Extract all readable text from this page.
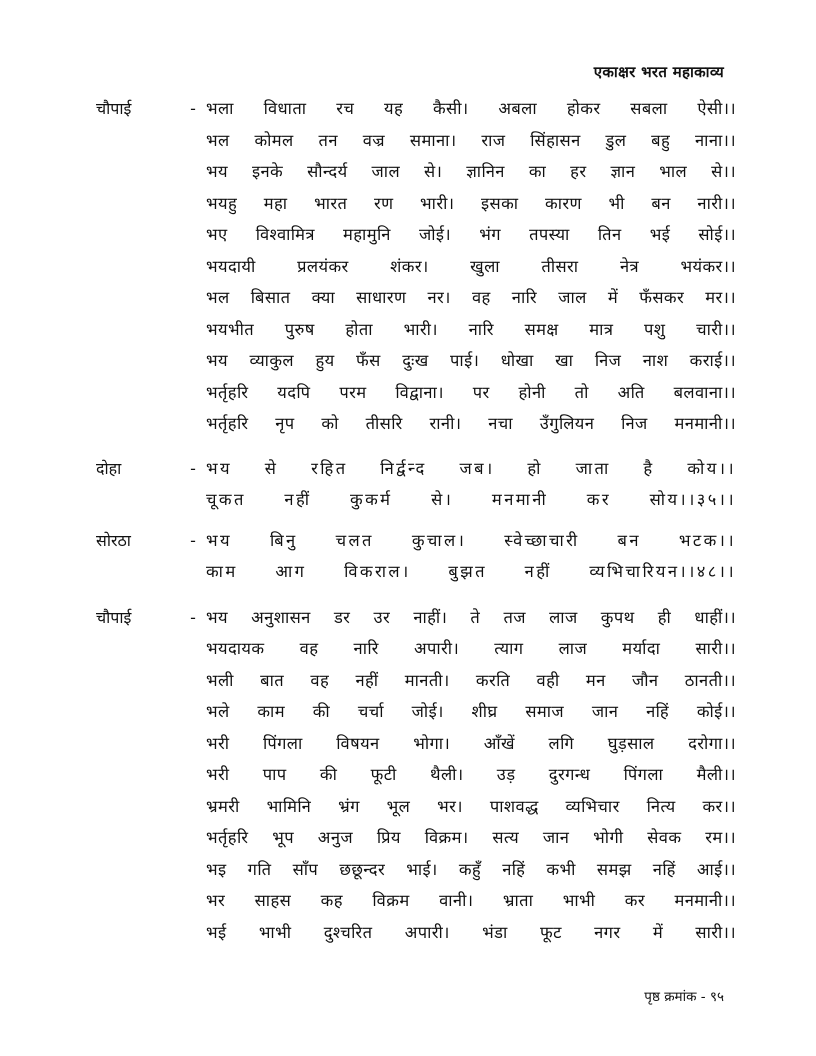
एकाक्षर भरत महाकाव्य
चौपाई	- भला विधाता रच यह कैसी। अबला होकर सबला ऐसी।।
भल कोमल तन वज्र समाना। राज सिंहासन डुल बहु नाना।।
भय इनके सौन्दर्य जाल से। ज्ञानिन का हर ज्ञान भाल से।।
भयहु महा भारत रण भारी। इसका कारण भी बन नारी।।
भए विश्वामित्र महामुनि जोई। भंग तपस्या तिन भई सोई।।
भयदायी प्रलयंकर शंकर। खुला तीसरा नेत्र भयंकर।।
भल बिसात क्या साधारण नर। वह नारि जाल में फँसकर मर।।
भयभीत पुरुष होता भारी। नारि समक्ष मात्र पशु चारी।।
भय व्याकुल हुय फँस दुःख पाई। धोखा खा निज नाश कराई।।
भर्तृहरि यदपि परम विद्वाना। पर होनी तो अति बलवाना।।
भर्तृहरि नृप को तीसरि रानी। नचा उँगुलियन निज मनमानी।।
दोहा	- भय से रहित निर्द्वन्द जब। हो जाता है कोय।।
चूकत नहीं कुकर्म से। मनमानी कर सोय।।३५।।
सोरठा	- भय बिनु चलत कुचाल। स्वेच्छाचारी बन भटक।।
काम आग विकराल। बुझत नहीं व्यभिचारियन।।४८।।
चौपाई	- भय अनुशासन डर उर नाहीं। ते तज लाज कुपथ ही धाहीं।।
भयदायक वह नारि अपारी। त्याग लाज मर्यादा सारी।।
भली बात वह नहीं मानती। करति वही मन जौन ठानती।।
भले काम की चर्चा जोई। शीघ्र समाज जान नहिं कोई।।
भरी पिंगला विषयन भोगा। आँखें लगि घुड़साल दरोगा।।
भरी पाप की फूटी थैली। उड़ दुरगन्ध पिंगला मैली।।
भ्रमरी भामिनि भ्रंग भूल भर। पाशवद्ध व्यभिचार नित्य कर।।
भर्तृहरि भूप अनुज प्रिय विक्रम। सत्य जान भोगी सेवक रम।।
भइ गति साँप छछून्दर भाई। कहुँ नहिं कभी समझ नहिं आई।।
भर साहस कह विक्रम वानी। भ्राता भाभी कर मनमानी।।
भई भाभी दुश्चरित अपारी। भंडा फूट नगर में सारी।।
पृष्ठ क्रमांक - ९५
